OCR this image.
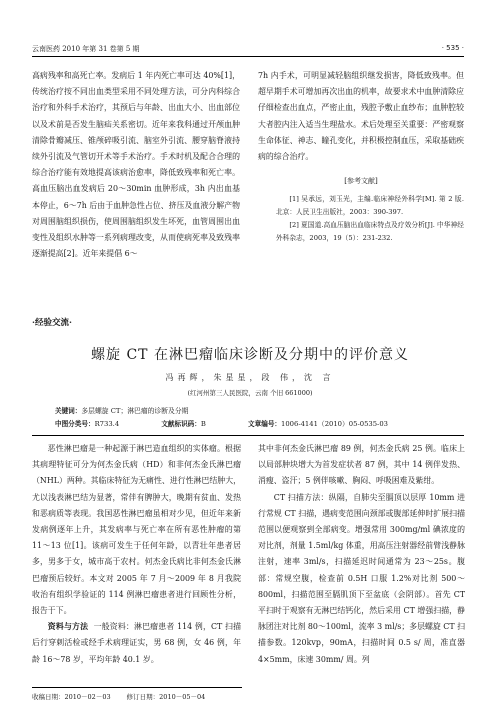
云南医药 2010 年第 31 卷第 5 期	· 535 ·

高病残率和高死亡率。发病后 1 年内死亡率可达 40%[1]，传统治疗按不同出血类型采用不同处理方法，可分内科综合治疗和外科手术治疗，其预后与年龄、出血大小、出血部位以及术前是否发生脑疝关系密切。近年来我科通过开颅血肿清除骨瓣减压、锥颅碎吸引流、脑室外引流、腰穿脑脊液持续外引流及气管切开术等手术治疗。手术时机及配合合理的综合治疗能有效地提高该病治愈率，降低致残率和死亡率。高血压脑出血发病后 20～30min 血肿形成，3h 内出血基本停止，6～7h 后由于血肿急性占位、挤压及血液分解产物对周围脑组织损伤，使周围脑组织发生坏死，血管周围出血变性及组织水肿等一系列病理改变，从而使病死率及致残率逐渐提高[2]。近年来提倡 6～

7h 内手术，可明显减轻脑组织继发损害，降低致残率。但超早期手术可增加再次出血的机率，故要求术中血肿清除应仔细检查出血点，严密止血，残腔予敷止血纱布；血肿腔较大者腔内注入适当生理盐水。术后处理至关重要：严密观察生命体征、神志、瞳孔变化，并积极控制血压，采取基础疾病的综合治疗。

[参考文献]

[1] 吴承远，刘玉光，主编.临床神经外科学[M]. 第 2 版. 北京：人民卫生出版社，2003：390-397.

[2] 夏国道.高血压脑出血临床特点及疗效分析[J]. 中华神经外科杂志，2003，19（5）：231-232.

·经验交流·
螺旋 CT 在淋巴瘤临床诊断及分期中的评价意义
冯再辉，朱星星，段 伟，沈 言
(红河州第三人民医院，云南 个旧 661000)
关键词：多层螺旋 CT；淋巴瘤的诊断及分期
中图分类号：R733.4	文献标识码：B	文章编号：1006-4141（2010）05-0535-03

恶性淋巴瘤是一种起源于淋巴造血组织的实体瘤。根据其病理特征可分为何杰金氏病（HD）和非何杰金氏淋巴瘤（NHL）两种。其临床特征为无痛性、进行性淋巴结肿大，尤以浅表淋巴结为显著，常伴有脾肿大，晚期有贫血、发热和恶病质等表现。我国恶性淋巴瘤虽相对少见，但近年来新发病例逐年上升，其发病率与死亡率在所有恶性肿瘤的第 11～13 位[1]。该病可发生于任何年龄，以青壮年患者居多，男多于女，城市高于农村。何杰金氏病比非何杰金氏淋巴瘤预后较好。本文对 2005 年 7 月～2009 年 8 月我院收治有组织学验证的 114 例淋巴瘤患者进行回顾性分析，报告于下。

资料与方法 一般资料：淋巴瘤患者 114 例，CT 扫描后行穿刺活检或经手术病理证实，男 68 例，女 46 例，年龄 16～78 岁，平均年龄 40.1 岁。

其中非何杰金氏淋巴瘤 89 例，何杰金氏病 25 例。临床上以局部肿块增大为首发症状者 87 例，其中 14 例伴发热、消瘦、盗汗；5 例伴咳嗽、胸闷、呼吸困难及紫绀。

CT 扫描方法：纵隔，自肺尖至膈顶以层厚 10mm 进行常规 CT 扫描，遇病变范围向颈部或腹部延伸时扩展扫描范围以便观察到全部病变。增强常用 300mg/ml 碘浓度的对比剂，剂量 1.5ml/kg 体重，用高压注射器经前臂浅静脉注射，速率 3ml/s，扫描延迟时间通常为 23～25s。腹部：常规空腹，检查前 0.5H 口服 1.2%对比剂 500～800ml，扫描范围至膈肌顶下至盆底（会阴部）。首先 CT 平扫时于观察有无淋巴结钙化，然后采用 CT 增强扫描，静脉团注对比剂 80～100ml，流率 3 ml/s；多层螺旋 CT 扫描参数。120kvp，90mA，扫描时间 0.5 s/ 周，准直器 4×5mm，床速 30mm/ 周。列

收稿日期：2010－02－03 修订日期：2010－05－04
